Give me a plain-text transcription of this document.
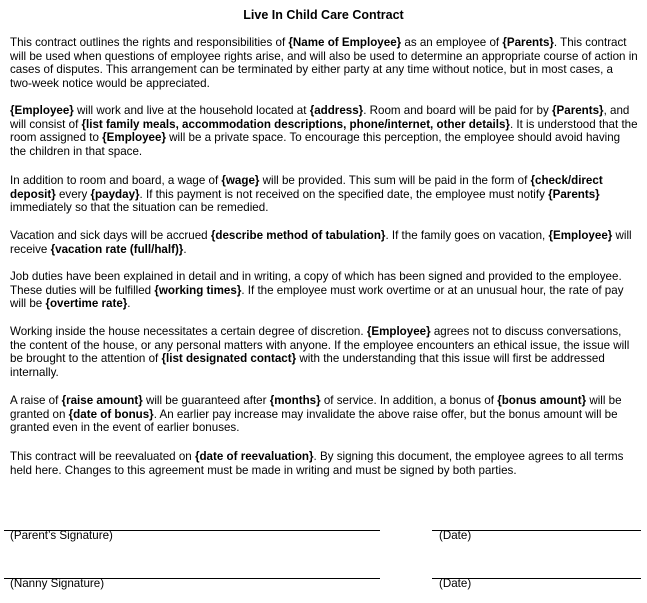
Live In Child Care Contract
This contract outlines the rights and responsibilities of {Name of Employee} as an employee of {Parents}. This contract will be used when questions of employee rights arise, and will also be used to determine an appropriate course of action in cases of disputes. This arrangement can be terminated by either party at any time without notice, but in most cases, a two-week notice would be appreciated.
{Employee} will work and live at the household located at {address}. Room and board will be paid for by {Parents}, and will consist of {list family meals, accommodation descriptions, phone/internet, other details}. It is understood that the room assigned to {Employee} will be a private space. To encourage this perception, the employee should avoid having the children in that space.
In addition to room and board, a wage of {wage} will be provided. This sum will be paid in the form of {check/direct deposit} every {payday}. If this payment is not received on the specified date, the employee must notify {Parents} immediately so that the situation can be remedied.
Vacation and sick days will be accrued {describe method of tabulation}. If the family goes on vacation, {Employee} will receive {vacation rate (full/half)}.
Job duties have been explained in detail and in writing, a copy of which has been signed and provided to the employee. These duties will be fulfilled {working times}. If the employee must work overtime or at an unusual hour, the rate of pay will be {overtime rate}.
Working inside the house necessitates a certain degree of discretion. {Employee} agrees not to discuss conversations, the content of the house, or any personal matters with anyone. If the employee encounters an ethical issue, the issue will be brought to the attention of {list designated contact} with the understanding that this issue will first be addressed internally.
A raise of {raise amount} will be guaranteed after {months} of service. In addition, a bonus of {bonus amount} will be granted on {date of bonus}. An earlier pay increase may invalidate the above raise offer, but the bonus amount will be granted even in the event of earlier bonuses.
This contract will be reevaluated on {date of reevaluation}. By signing this document, the employee agrees to all terms held here. Changes to this agreement must be made in writing and must be signed by both parties.
(Parent’s Signature)	(Date)
(Nanny Signature)	(Date)
